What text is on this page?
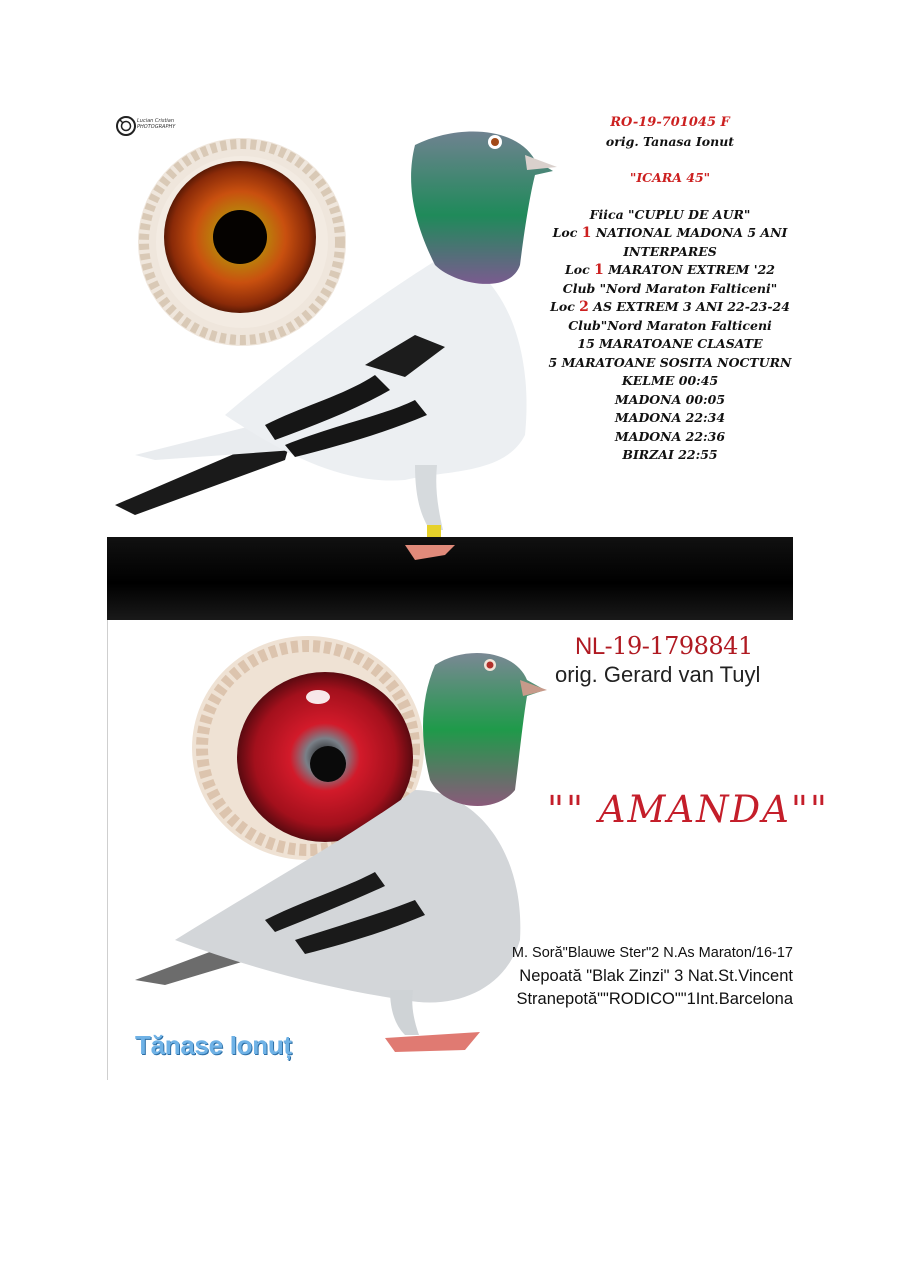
Lucian Cristian
PHOTOGRAPHY	RO-19-701045 F
orig. Tanasa Ionut
"ICARA 45"
Fiica "CUPLU DE AUR"
Loc 1 NATIONAL MADONA 5 ANI
INTERPARES
Loc 1 MARATON EXTREM '22
Club "Nord Maraton Falticeni"
Loc 2 AS EXTREM 3 ANI 22-23-24
Club"Nord Maraton Falticeni
15 MARATOANE CLASATE
5 MARATOANE SOSITA NOCTURN
KELME 00:45
MADONA 00:05
MADONA 22:34
MADONA 22:36
BIRZAI 22:55
NL-19-1798841
orig. Gerard van Tuyl
"" AMANDA""
M. Soră"Blauwe Ster"2 N.As Maraton/16-17
Nepoată "Blak Zinzi" 3 Nat.St.Vincent
Stranepotă""RODICO""1Int.Barcelona
Tănase Ionuț
